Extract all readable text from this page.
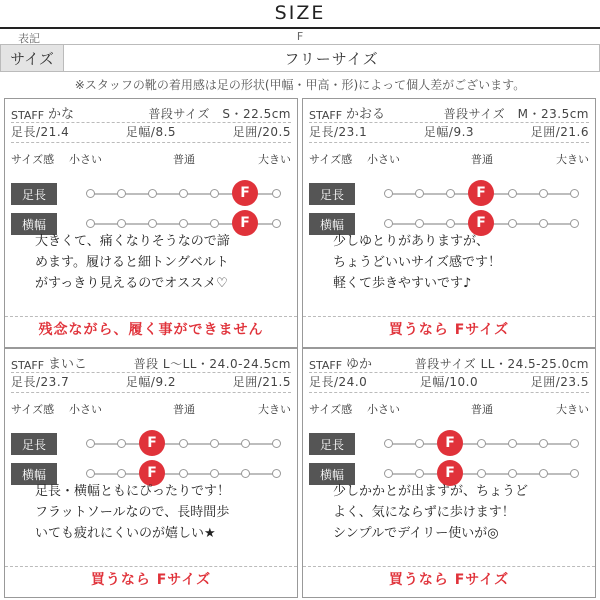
SIZE
表記	F
サイズ	フリーサイズ
※スタッフの靴の着用感は足の形状(甲幅・甲高・形)によって個人差がございます。
STAFF かな	普段サイズ　S・22.5cm
足長/21.4	足幅/8.5	足囲/20.5
サイズ感 小さい	普通	大きい
足長	F
横幅	F
大きくて、痛くなりそうなので諦
めます。履けると細トングベルト
がすっきり見えるのでオススメ♡
残念ながら、履く事ができません
STAFF かおる	普段サイズ　M・23.5cm
足長/23.1	足幅/9.3	足囲/21.6
サイズ感 小さい	普通	大きい
足長	F
横幅	F
少しゆとりがありますが、
ちょうどいいサイズ感です！
軽くて歩きやすいです♪
買うなら Fサイズ
STAFF まいこ	普段 L〜LL・24.0-24.5cm
足長/23.7	足幅/9.2	足囲/21.5
サイズ感 小さい	普通	大きい
足長	F
横幅	F
足長・横幅ともにぴったりです！
フラットソールなので、長時間歩
いても疲れにくいのが嬉しい★
買うなら Fサイズ
STAFF ゆか	普段サイズ LL・24.5-25.0cm
足長/24.0	足幅/10.0	足囲/23.5
サイズ感 小さい	普通	大きい
足長	F
横幅	F
少しかかとが出ますが、ちょうど
よく、気にならずに歩けます！
シンプルでデイリー使いが◎
買うなら Fサイズ
